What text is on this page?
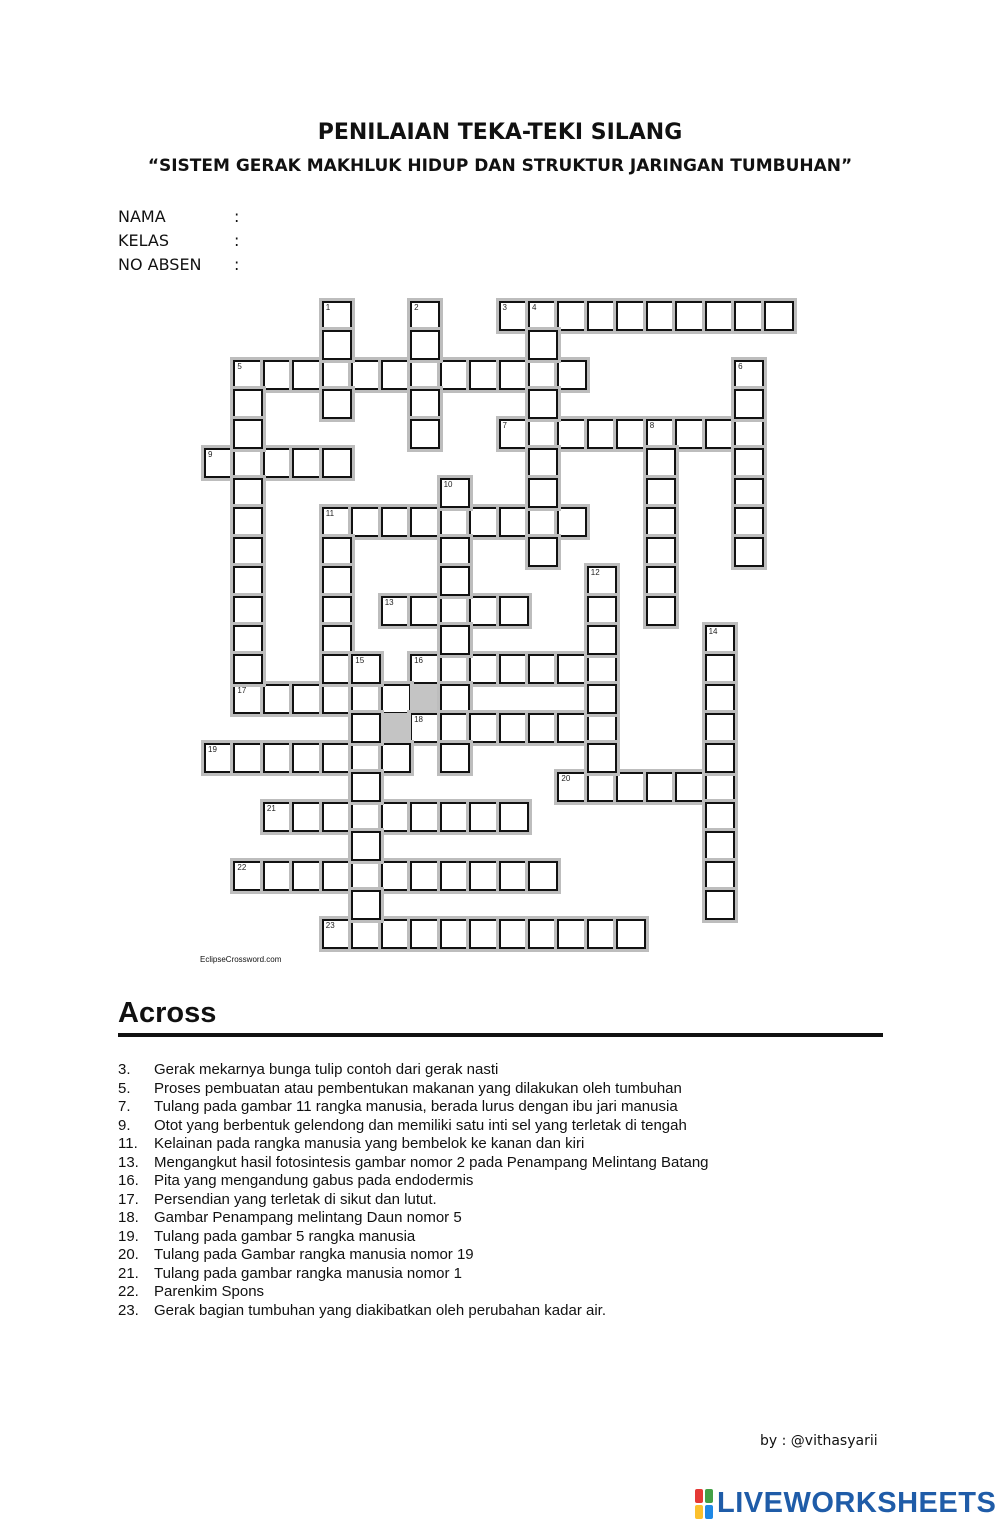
PENILAIAN TEKA-TEKI SILANG
“SISTEM GERAK MAKHLUK HIDUP DAN STRUKTUR JARINGAN TUMBUHAN”
NAMA	:
KELAS	:
NO ABSEN :
3	4
5
7	8
9
11
13
16
17
18
19
20
21
22
23
1	2
6
10
12
14
15
EclipseCrossword.com
Across
3. Gerak mekarnya bunga tulip contoh dari gerak nasti
5. Proses pembuatan atau pembentukan makanan yang dilakukan oleh tumbuhan
7. Tulang pada gambar 11 rangka manusia, berada lurus dengan ibu jari manusia
9. Otot yang berbentuk gelendong dan memiliki satu inti sel yang terletak di tengah
11. Kelainan pada rangka manusia yang bembelok ke kanan dan kiri
13. Mengangkut hasil fotosintesis gambar nomor 2 pada Penampang Melintang Batang
16. Pita yang mengandung gabus pada endodermis
17. Persendian yang terletak di sikut dan lutut.
18. Gambar Penampang melintang Daun nomor 5
19. Tulang pada gambar 5 rangka manusia
20. Tulang pada Gambar rangka manusia nomor 19
21. Tulang pada gambar rangka manusia nomor 1
22. Parenkim Spons
23. Gerak bagian tumbuhan yang diakibatkan oleh perubahan kadar air.
by : @vithasyarii
LIVEWORKSHEETS
